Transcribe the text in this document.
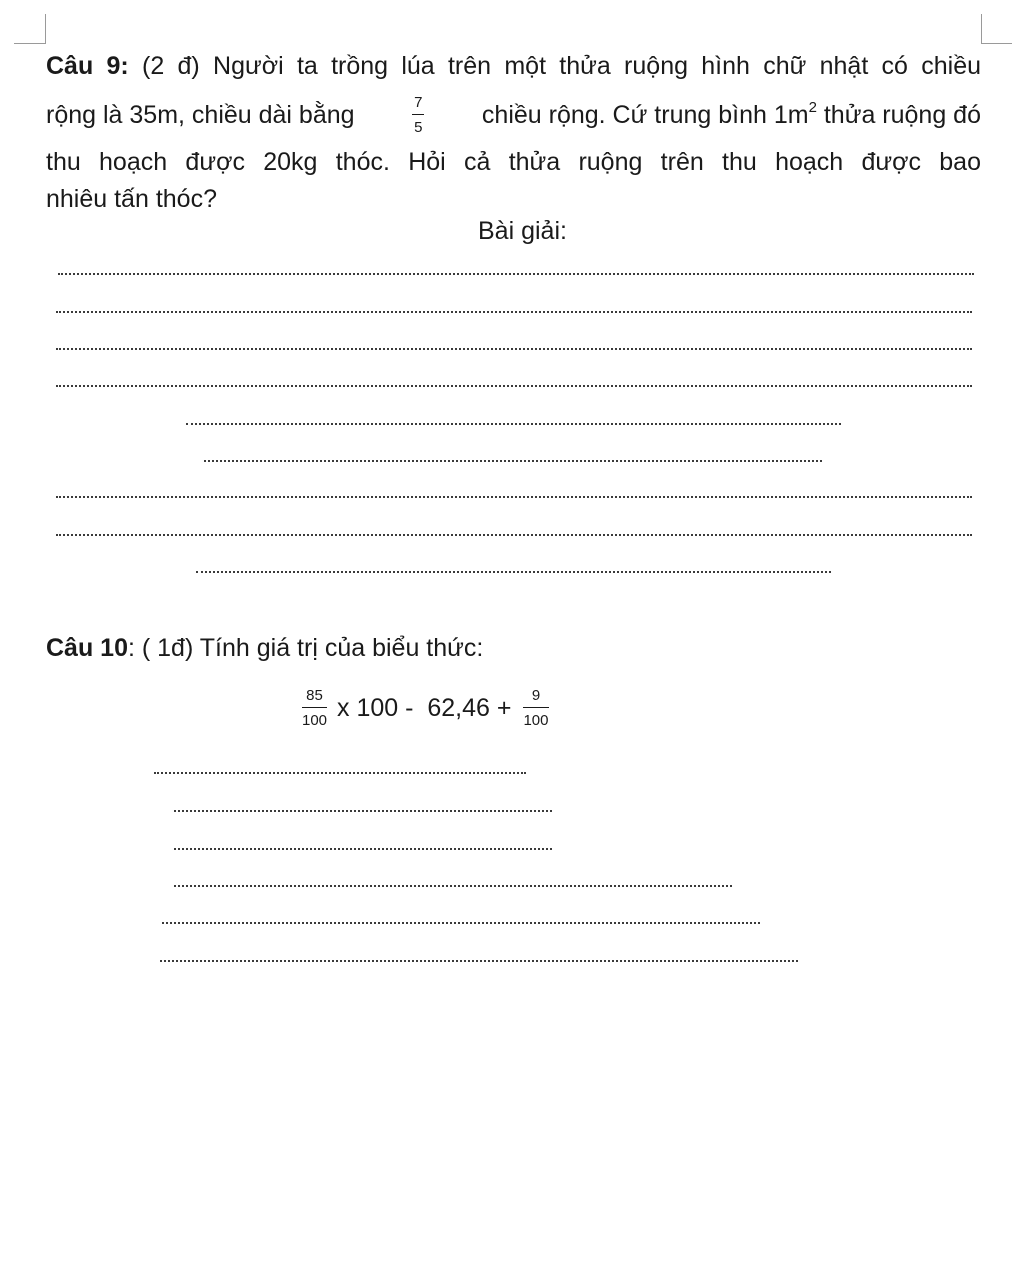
Câu 9: (2 đ) Người ta trồng lúa trên một thửa ruộng hình chữ nhật có chiều
rộng là 35m, chiều dài bằng	$\frac{7}{5}$ chiều rộng. Cứ trung bình $1m^2$ thửa ruộng đó
thu hoạch được 20kg thóc. Hỏi cả thửa ruộng trên thu hoạch được bao
nhiêu tấn thóc?
Bài giải:
Câu 10: ( 1đ) Tính giá trị của biểu thức:
$\frac{85}{100}$ x $100 - 62,46 + \frac{9}{100}$
